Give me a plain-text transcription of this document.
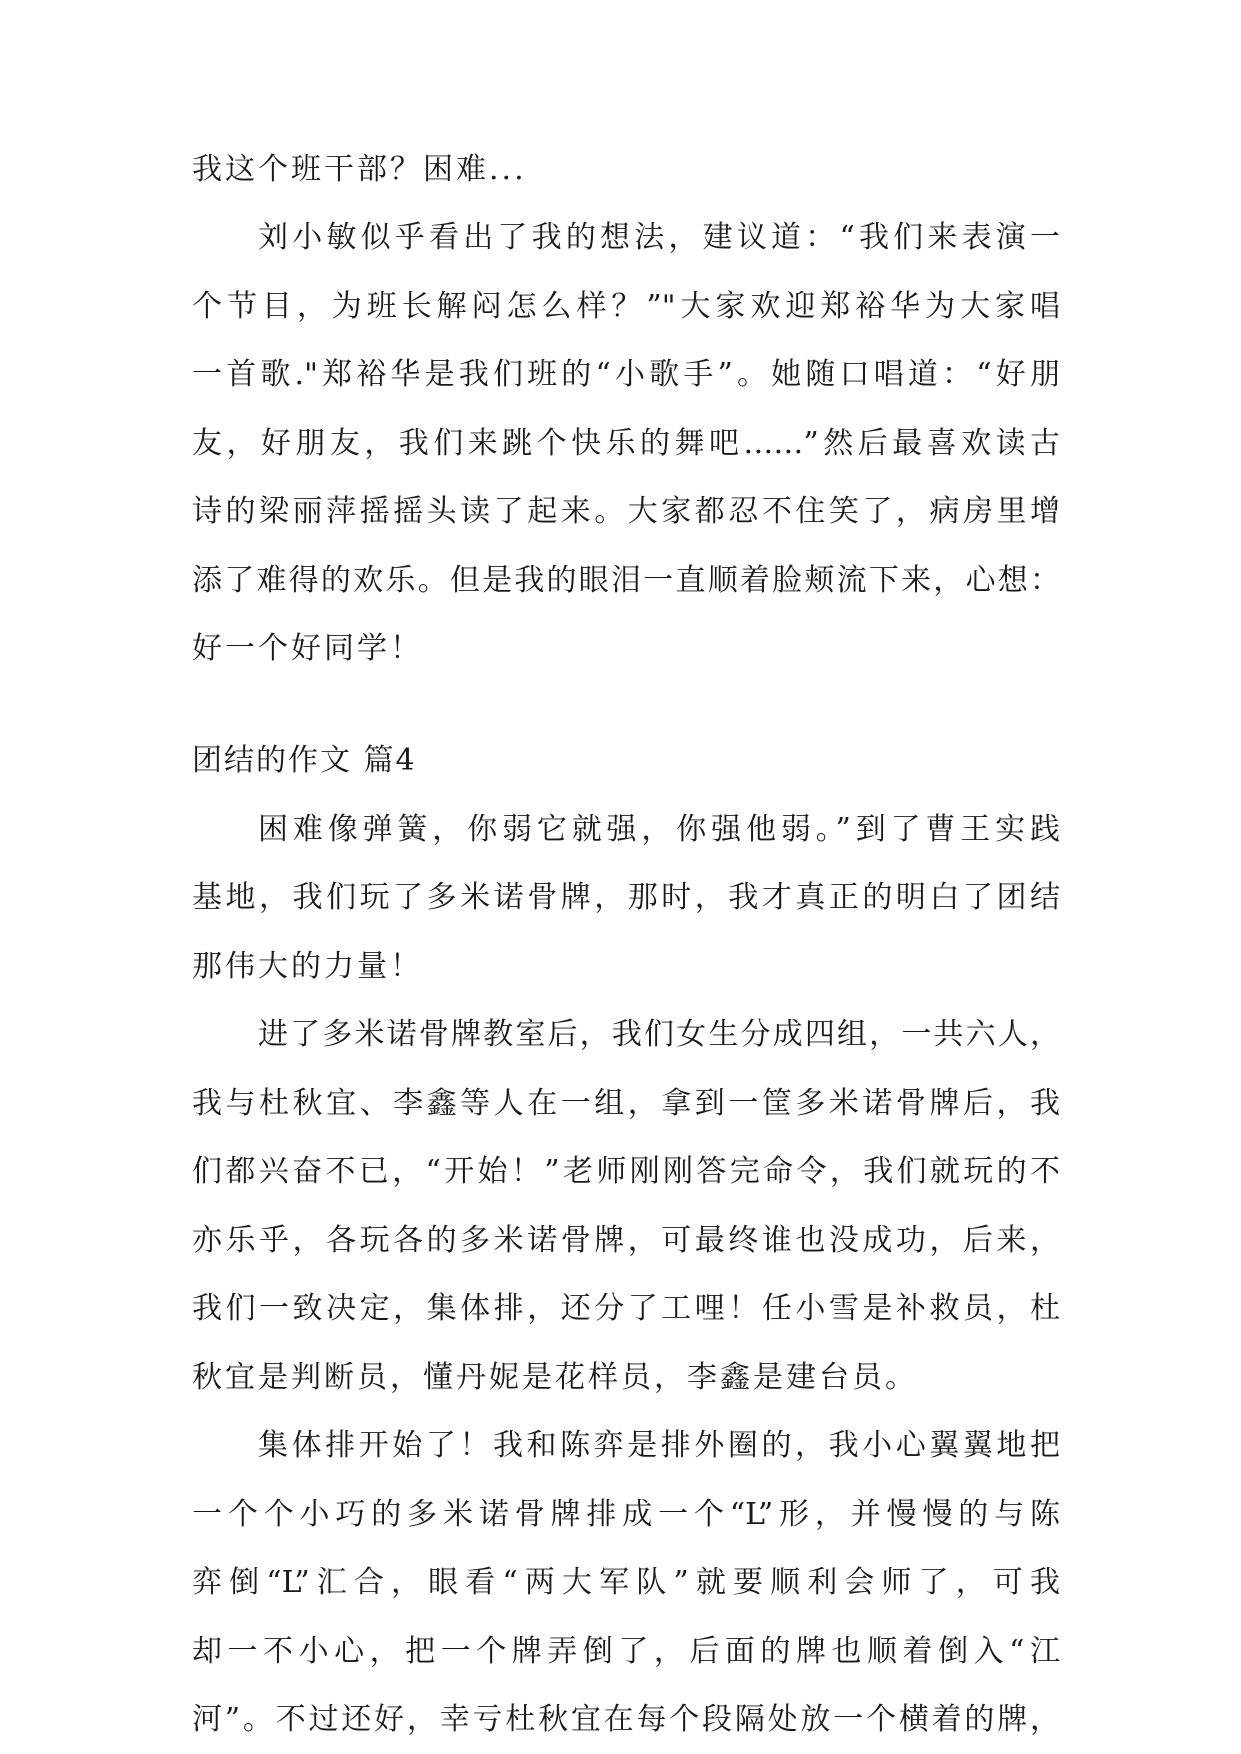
我这个班干部？困难...

刘小敏似乎看出了我的想法，建议道：“我们来表演一

个节目，为班长解闷怎么样？”"大家欢迎郑裕华为大家唱

一首歌."郑裕华是我们班的“小歌手”。她随口唱道：“好朋

友，好朋友，我们来跳个快乐的舞吧……”然后最喜欢读古

诗的梁丽萍摇摇头读了起来。大家都忍不住笑了，病房里增

添了难得的欢乐。但是我的眼泪一直顺着脸颊流下来，心想：

好一个好同学！

团结的作文 篇4

困难像弹簧，你弱它就强，你强他弱。”到了曹王实践

基地，我们玩了多米诺骨牌，那时，我才真正的明白了团结

那伟大的力量！

进了多米诺骨牌教室后，我们女生分成四组，一共六人，

我与杜秋宜、李鑫等人在一组，拿到一筐多米诺骨牌后，我

们都兴奋不已，“开始！”老师刚刚答完命令，我们就玩的不

亦乐乎，各玩各的多米诺骨牌，可最终谁也没成功，后来，

我们一致决定，集体排，还分了工哩！任小雪是补救员，杜

秋宜是判断员，懂丹妮是花样员，李鑫是建台员。

集体排开始了！我和陈弈是排外圈的，我小心翼翼地把

一个个小巧的多米诺骨牌排成一个“L”形，并慢慢的与陈

弈倒“L”汇合，眼看“两大军队”就要顺利会师了，可我

却一不小心，把一个牌弄倒了，后面的牌也顺着倒入“江

河”。不过还好，幸亏杜秋宜在每个段隔处放一个横着的牌，
